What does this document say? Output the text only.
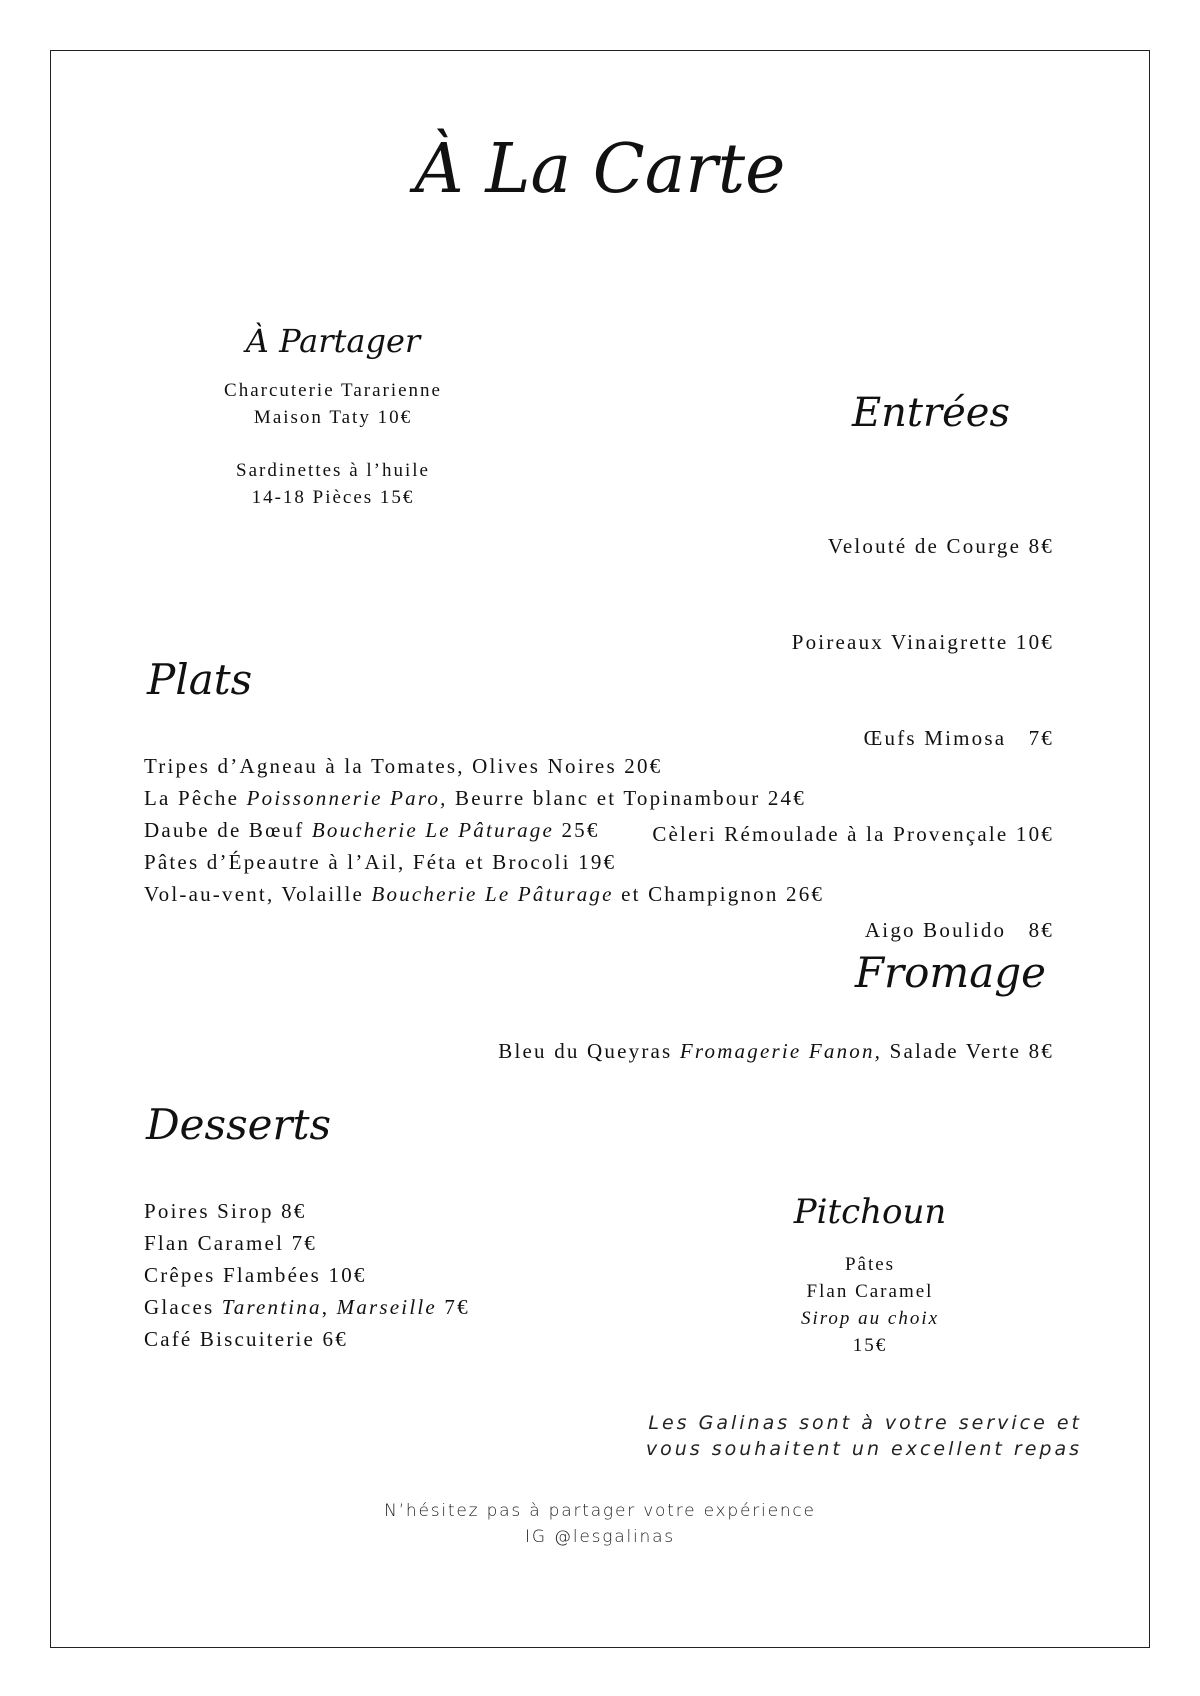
À La Carte
À Partager
Charcuterie Tararienne
Maison Taty 10€
Sardinettes à l’huile
14-18 Pièces 15€
Entrées

Velouté de Courge 8€

Poireaux Vinaigrette 10€

Œufs Mimosa   7€

Cèleri Rémoulade à la Provençale 10€

Aigo Boulido   8€

Plats
Tripes d’Agneau à la Tomates, Olives Noires 20€
La Pêche Poissonnerie Paro, Beurre blanc et Topinambour 24€
Daube de Bœuf Boucherie Le Pâturage 25€
Pâtes d’Épeautre à l’Ail, Féta et Brocoli 19€
Vol-au-vent, Volaille Boucherie Le Pâturage et Champignon 26€
Fromage
Bleu du Queyras Fromagerie Fanon, Salade Verte 8€
Desserts
Poires Sirop 8€
Flan Caramel 7€
Crêpes Flambées 10€
Glaces Tarentina, Marseille 7€
Café Biscuiterie 6€
Pitchoun
Pâtes
Flan Caramel
Sirop au choix
15€
Les Galinas sont à votre service et
vous souhaitent un excellent repas
N’hésitez pas à partager votre expérience
IG @lesgalinas
